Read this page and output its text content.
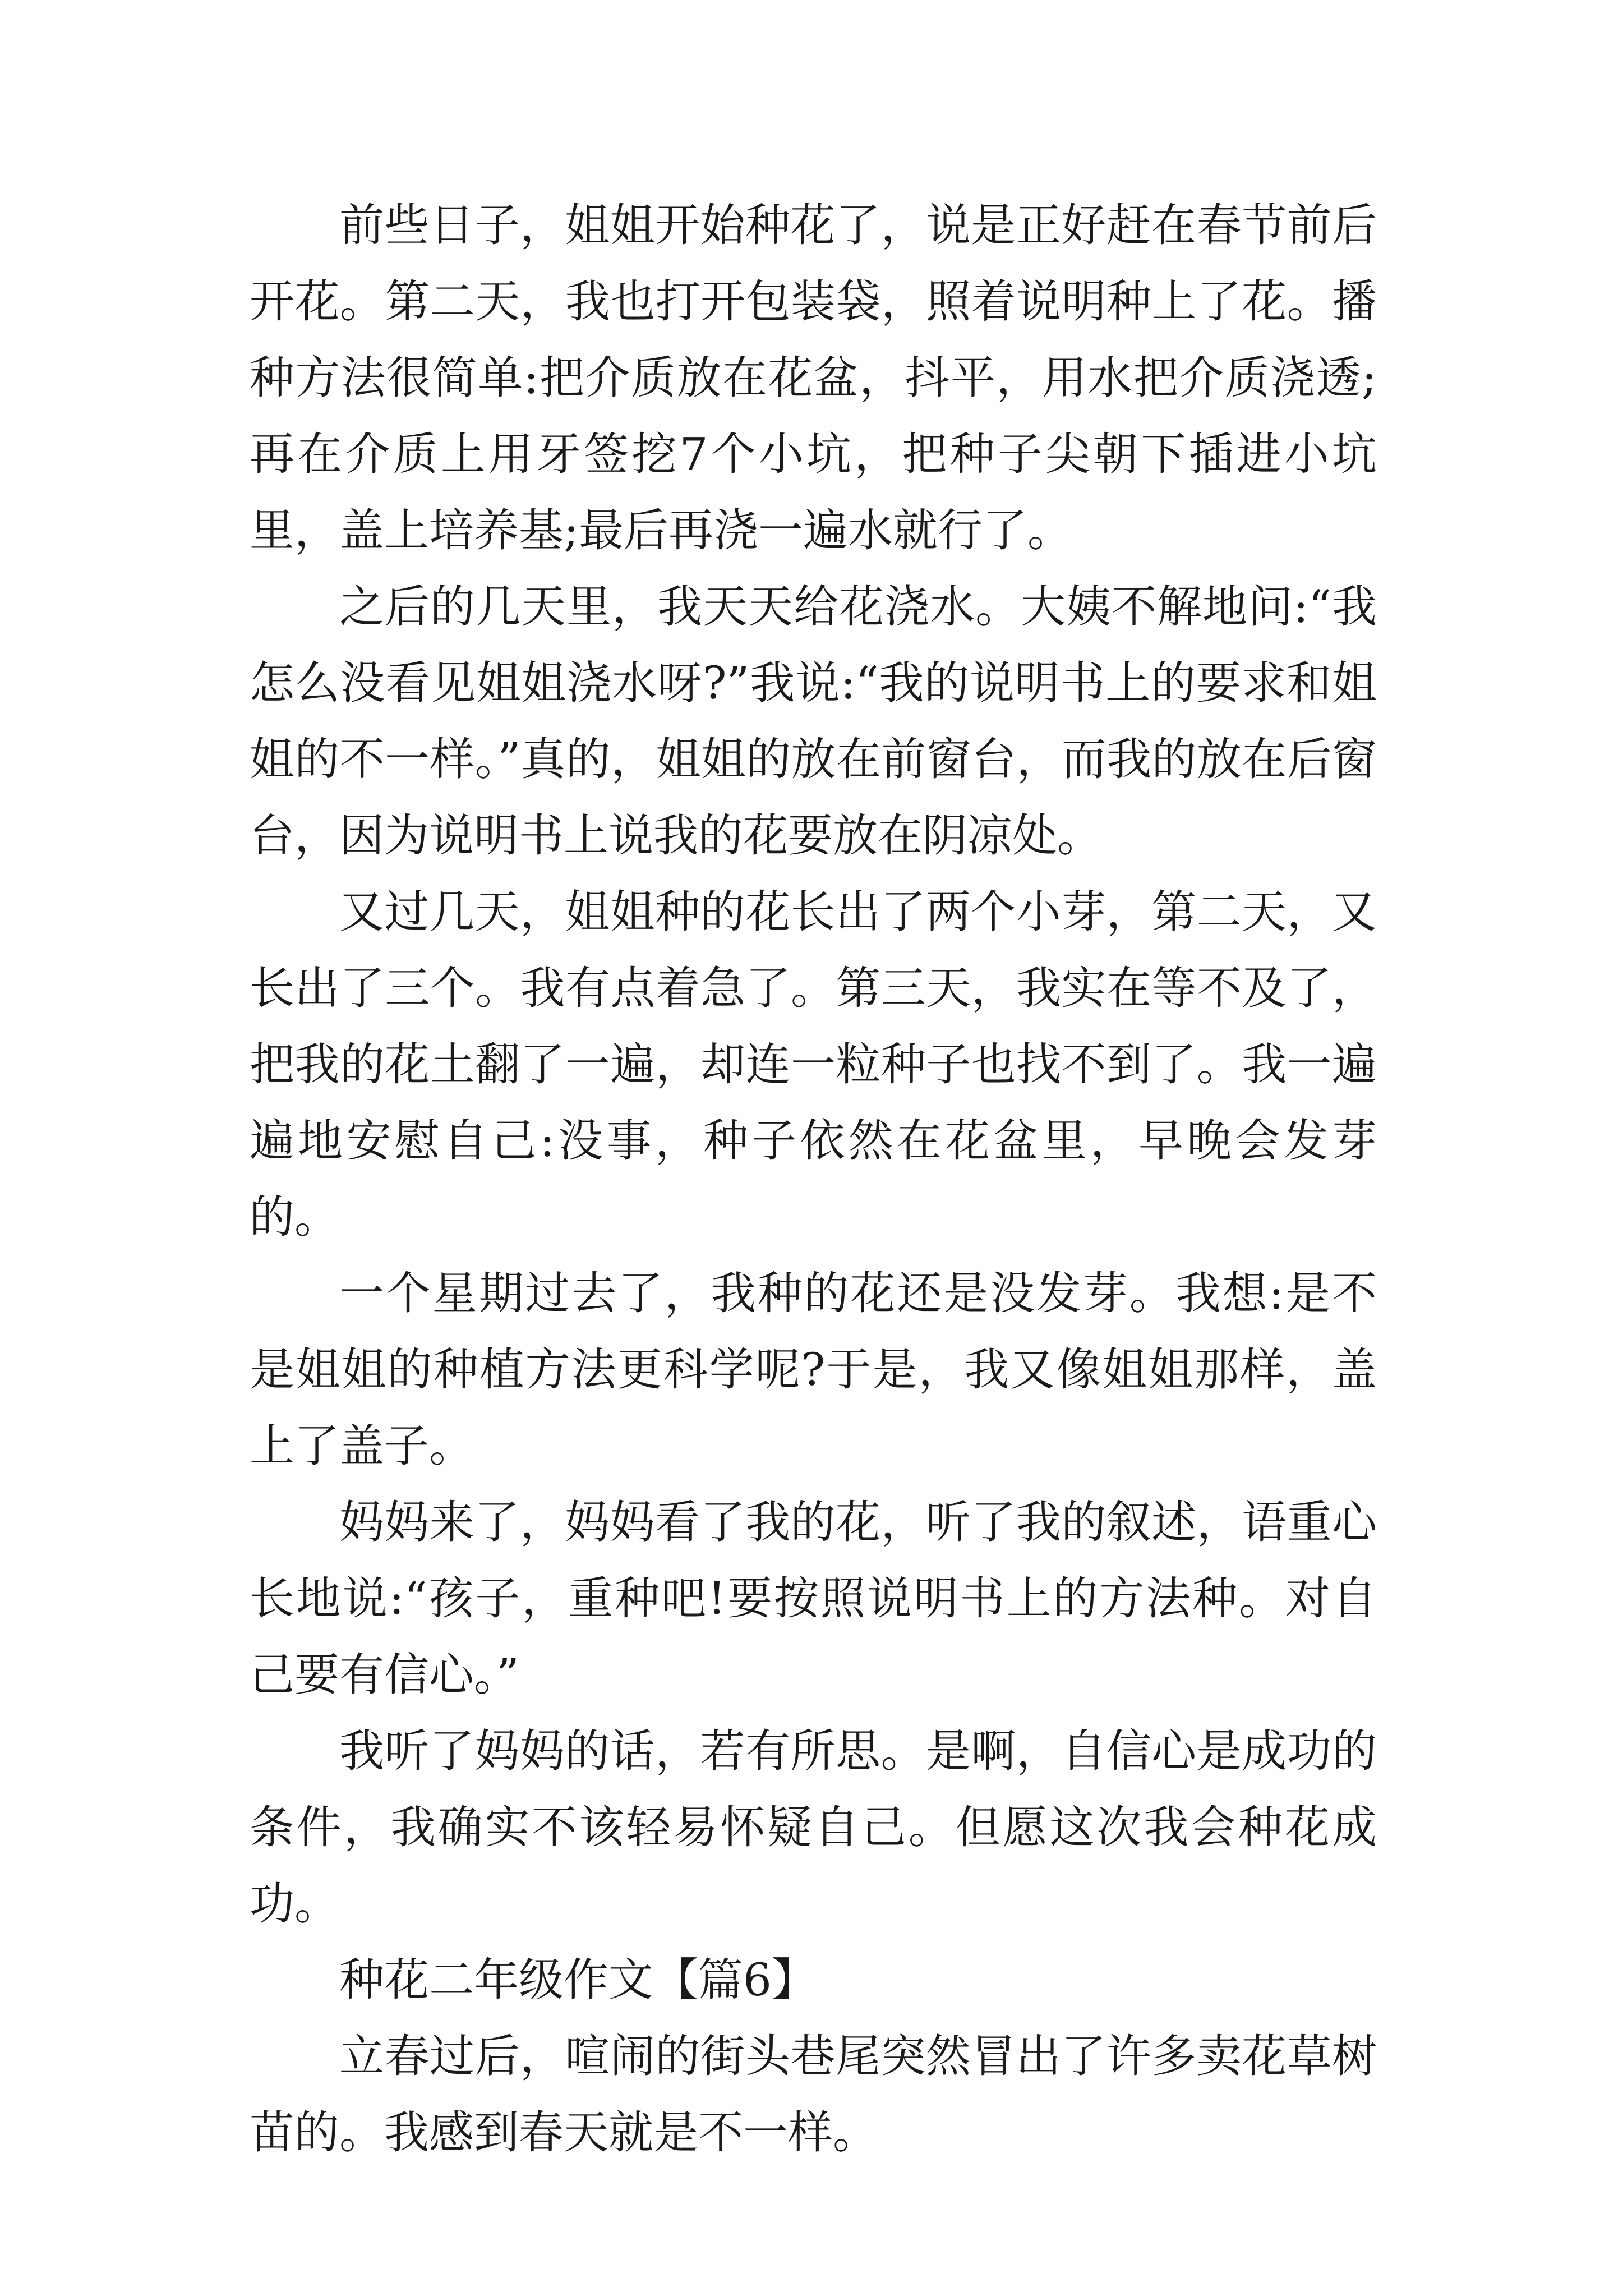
前些日子，姐姐开始种花了，说是正好赶在春节前后开花。第二天，我也打开包装袋，照着说明种上了花。播种方法很简单:把介质放在花盆，抖平，用水把介质浇透;再在介质上用牙签挖7个小坑，把种子尖朝下插进小坑里，盖上培养基;最后再浇一遍水就行了。

之后的几天里，我天天给花浇水。大姨不解地问:“我怎么没看见姐姐浇水呀?”我说:“我的说明书上的要求和姐姐的不一样。”真的，姐姐的放在前窗台，而我的放在后窗台，因为说明书上说我的花要放在阴凉处。

又过几天，姐姐种的花长出了两个小芽，第二天，又长出了三个。我有点着急了。第三天，我实在等不及了，把我的花土翻了一遍，却连一粒种子也找不到了。我一遍遍地安慰自己:没事，种子依然在花盆里，早晚会发芽的。

一个星期过去了，我种的花还是没发芽。我想:是不是姐姐的种植方法更科学呢?于是，我又像姐姐那样，盖上了盖子。

妈妈来了，妈妈看了我的花，听了我的叙述，语重心长地说:“孩子，重种吧!要按照说明书上的方法种。对自己要有信心。”

我听了妈妈的话，若有所思。是啊，自信心是成功的条件，我确实不该轻易怀疑自己。但愿这次我会种花成功。

种花二年级作文【篇6】

立春过后，喧闹的街头巷尾突然冒出了许多卖花草树苗的。我感到春天就是不一样。
